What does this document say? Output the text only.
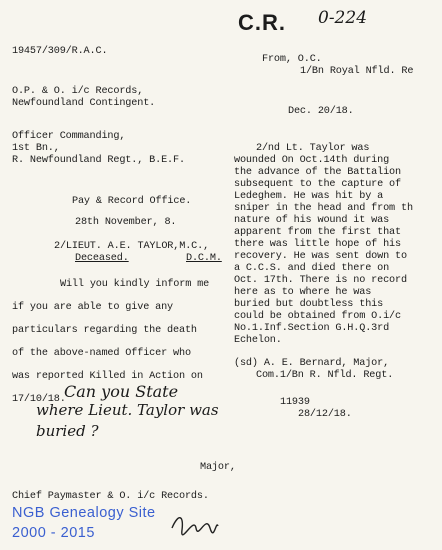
19457/309/R.A.C.
C.R. 0-224
O.P. & O. i/c Records,
Newfoundland Contingent.
Officer Commanding,
1st Bn.,
R. Newfoundland Regt., B.E.F.
Pay & Record Office.
28th November, 8.
2/LIEUT. A.E. TAYLOR,M.C.,
Deceased.	D.C.M.
Will you kindly inform me
if you are able to give any
particulars regarding the death
of the above-named Officer who
was reported Killed in Action on
17/10/18.
Can you State
where Lieut. Taylor was
buried ?
Major,
Chief Paymaster & O. i/c Records.
From, O.C.
1/Bn Royal Nfld. Re
Dec. 20/18.
2/nd Lt. Taylor was
wounded On Oct.14th during
the advance of the Battalion
subsequent to the capture of
Ledeghem. He was hit by a
sniper in the head and from th
nature of his wound it was
apparent from the first that
there was little hope of his
recovery. He was sent down to
a C.C.S. and died there on
Oct. 17th. There is no record
here as to where he was
buried but doubtless this
could be obtained from O.i/c
No.1.Inf.Section G.H.Q.3rd
Echelon.
(sd) A. E. Bernard, Major,
Com.1/Bn R. Nfld. Regt.
11939
28/12/18.
NGB Genealogy Site
2000 - 2015
